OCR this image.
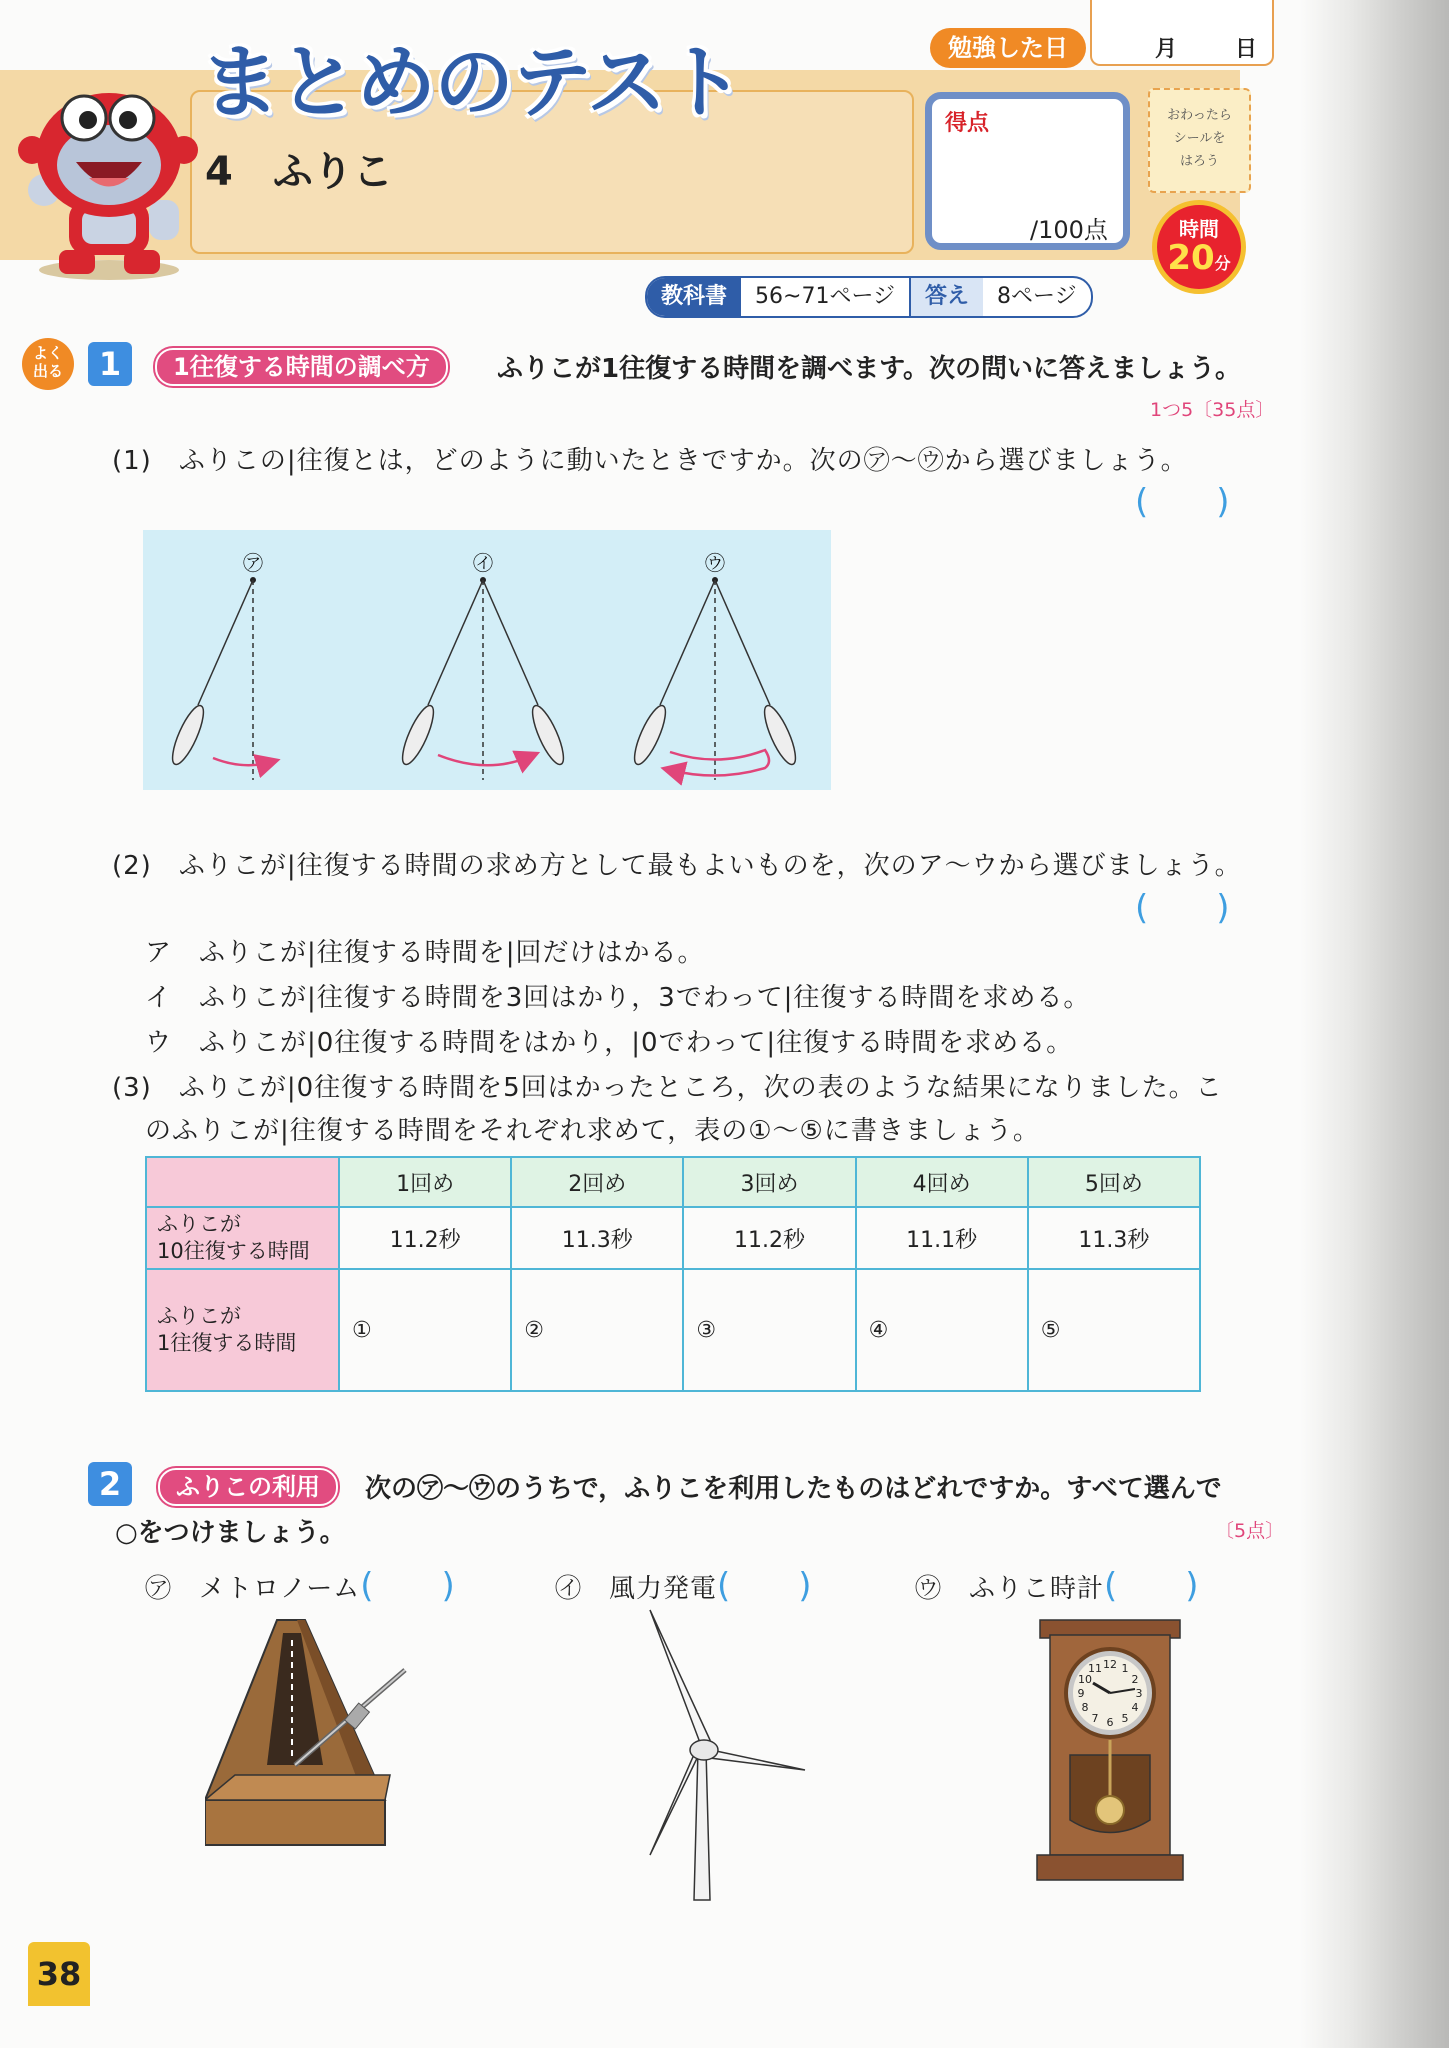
まとめのテスト
4　ふりこ
勉強した日	月	日
得点
/100点
おわったら
シールを
はろう
時間
20分
教科書	56~71ページ	答え	8ページ
よく
出る	1	1往復する時間の調べ方	ふりこが1往復する時間を調べます。次の問いに答えましょう。
1つ5〔35点〕
(1)　ふりこの|往復とは，どのように動いたときですか。次の㋐～㋒から選びましょう。
(　　)
㋐	㋑	㋒
(2)　ふりこが|往復する時間の求め方として最もよいものを，次のア～ウから選びましょう。
(　　)
ア　ふりこが|往復する時間を|回だけはかる。
イ　ふりこが|往復する時間を3回はかり，3でわって|往復する時間を求める。
ウ　ふりこが|0往復する時間をはかり，|0でわって|往復する時間を求める。
(3)　ふりこが|0往復する時間を5回はかったところ，次の表のような結果になりました。こ
のふりこが|往復する時間をそれぞれ求めて，表の①～⑤に書きましょう。
	1回め	2回め	3回め	4回め	5回め

ふりこが
10往復する時間	11.2秒	11.3秒	11.2秒	11.1秒	11.3秒

ふりこが
1往復する時間	①	②	③	④	⑤
2	ふりこの利用	次の㋐～㋒のうちで，ふりこを利用したものはどれですか。すべて選んで
○をつけましょう。	〔5点〕
㋐　 メトロノーム(　　)	㋑　 風力発電(　　)	㋒　 ふりこ時計(　　)
12 1
2
3
4
5
6
7
8
9
10
11
38
